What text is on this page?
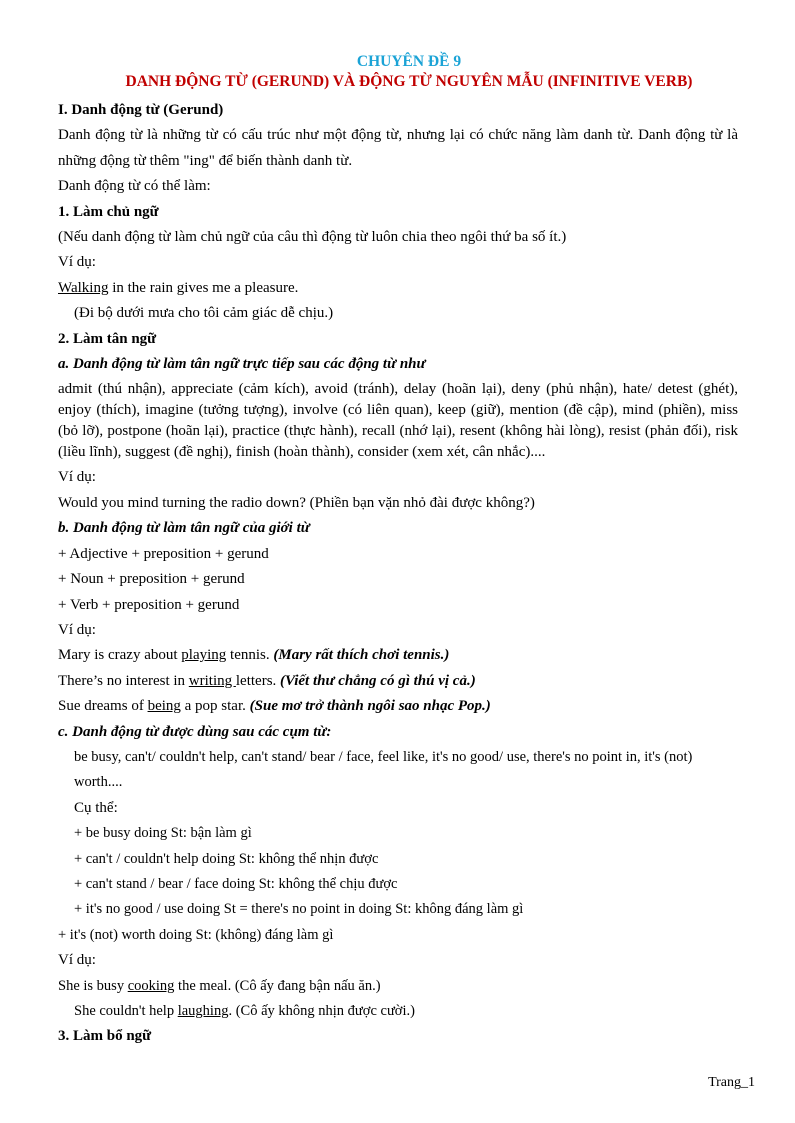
CHUYÊN ĐỀ 9
DANH ĐỘNG TỪ (GERUND) VÀ ĐỘNG TỪ NGUYÊN MẪU (INFINITIVE VERB)
I. Danh động từ (Gerund)
Danh động từ là những từ có cấu trúc như một động từ, nhưng lại có chức năng làm danh từ. Danh động từ là những động từ thêm "ing" để biến thành danh từ.
Danh động từ có thể làm:
1. Làm chủ ngữ
(Nếu danh động từ làm chủ ngữ của câu thì động từ luôn chia theo ngôi thứ ba số ít.)
Ví dụ:
Walking in the rain gives me a pleasure.
(Đi bộ dưới mưa cho tôi cảm giác dễ chịu.)
2. Làm tân ngữ
a. Danh động từ làm tân ngữ trực tiếp sau các động từ như
admit (thú nhận), appreciate (cảm kích), avoid (tránh), delay (hoãn lại), deny (phủ nhận), hate/ detest (ghét), enjoy (thích), imagine (tưởng tượng), involve (có liên quan), keep (giữ), mention (đề cập), mind (phiền), miss (bỏ lỡ), postpone (hoãn lại), practice (thực hành), recall (nhớ lại), resent (không hài lòng), resist (phản đối), risk (liều lĩnh), suggest (đề nghị), finish (hoàn thành), consider (xem xét, cân nhắc)....
Ví dụ:
Would you mind turning the radio down? (Phiền bạn vặn nhỏ đài được không?)
b. Danh động từ làm tân ngữ của giới từ
+ Adjective + preposition + gerund
+ Noun + preposition + gerund
+ Verb + preposition + gerund
Ví dụ:
Mary is crazy about playing tennis. (Mary rất thích chơi tennis.)
There’s no interest in writing letters. (Viết thư chẳng có gì thú vị cả.)
Sue dreams of being a pop star. (Sue mơ trở thành ngôi sao nhạc Pop.)
c. Danh động từ được dùng sau các cụm từ:
be busy, can't/ couldn't help, can't stand/ bear / face, feel like, it's no good/ use, there's no point in, it's (not) worth....
Cụ thể:
+ be busy doing St: bận làm gì
+ can't / couldn't help doing St: không thể nhịn được
+ can't stand / bear / face doing St: không thể chịu được
+ it's no good / use doing St = there's no point in doing St: không đáng làm gì
+ it's (not) worth doing St: (không) đáng làm gì
Ví dụ:
She is busy cooking the meal. (Cô ấy đang bận nấu ăn.)
She couldn't help laughing. (Cô ấy không nhịn được cười.)
3. Làm bổ ngữ
Trang_1
